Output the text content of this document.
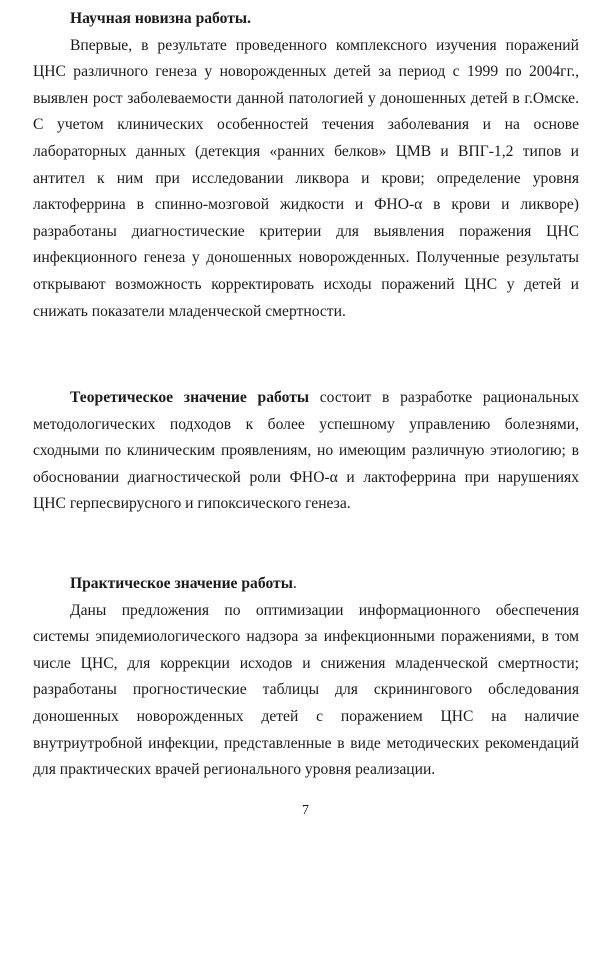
Научная новизна работы.

Впервые, в результате проведенного комплексного изучения поражений ЦНС различного генеза у новорожденных детей за период с 1999 по 2004гг., выявлен рост заболеваемости данной патологией у доношенных детей в г.Омске. С учетом клинических особенностей течения заболевания и на основе лабораторных данных (детекция «ранних белков» ЦМВ и ВПГ-1,2 типов и антител к ним при исследовании ликвора и крови; определение уровня лактоферрина в спинно-мозговой жидкости и ФНО-α в крови и ликворе) разработаны диагностические критерии для выявления поражения ЦНС инфекционного генеза у доношенных новорожденных. Полученные результаты открывают возможность корректировать исходы поражений ЦНС у детей и снижать показатели младенческой смертности.

Теоретическое значение работы состоит в разработке рациональных методологических подходов к более успешному управлению болезнями, сходными по клиническим проявлениям, но имеющим различную этиологию; в обосновании диагностической роли ФНО-α и лактоферрина при нарушениях ЦНС герпесвирусного и гипоксического генеза.

Практическое значение работы.

Даны предложения по оптимизации информационного обеспечения системы эпидемиологического надзора за инфекционными поражениями, в том числе ЦНС, для коррекции исходов и снижения младенческой смертности; разработаны прогностические таблицы для скринингового обследования доношенных новорожденных детей с поражением ЦНС на наличие внутриутробной инфекции, представленные в виде методических рекомендаций для практических врачей регионального уровня реализации.

7
